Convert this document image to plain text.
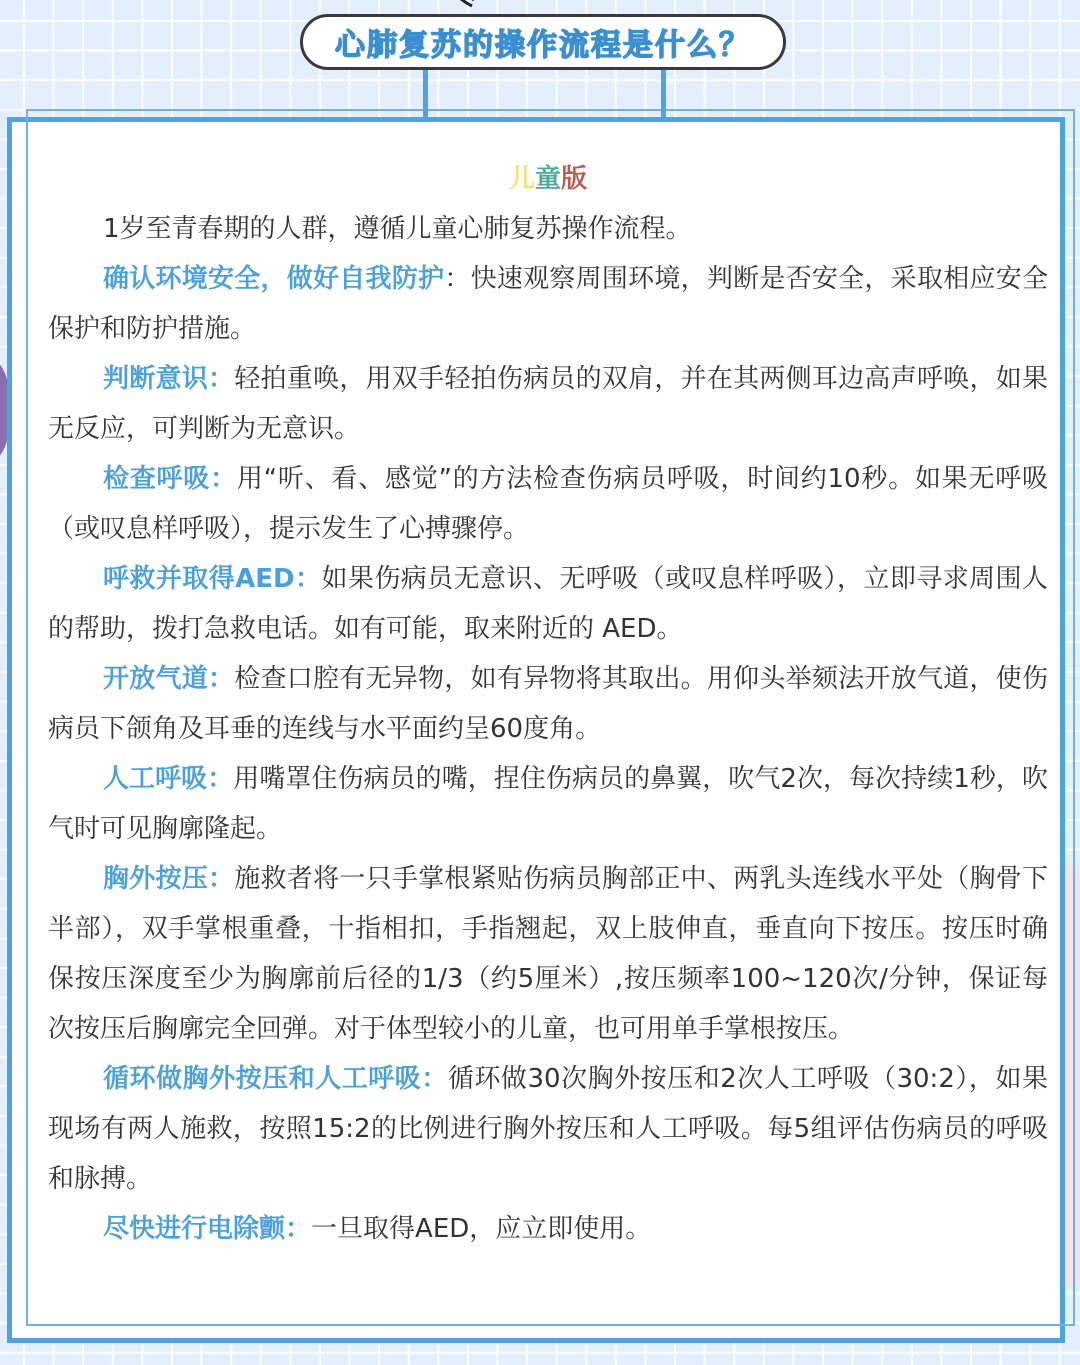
心肺复苏的操作流程是什么？
儿童版

1岁至青春期的人群，遵循儿童心肺复苏操作流程。

确认环境安全，做好自我防护：快速观察周围环境，判断是否安全，采取相应安全保护和防护措施。

判断意识：轻拍重唤，用双手轻拍伤病员的双肩，并在其两侧耳边高声呼唤，如果无反应，可判断为无意识。

检查呼吸：用“听、看、感觉”的方法检查伤病员呼吸，时间约10秒。如果无呼吸（或叹息样呼吸），提示发生了心搏骤停。

呼救并取得AED：如果伤病员无意识、无呼吸（或叹息样呼吸），立即寻求周围人的帮助，拨打急救电话。如有可能，取来附近的 AED。

开放气道：检查口腔有无异物，如有异物将其取出。用仰头举颏法开放气道，使伤病员下颌角及耳垂的连线与水平面约呈60度角。

人工呼吸：用嘴罩住伤病员的嘴，捏住伤病员的鼻翼，吹气2次，每次持续1秒，吹气时可见胸廓隆起。

胸外按压：施救者将一只手掌根紧贴伤病员胸部正中、两乳头连线水平处（胸骨下半部），双手掌根重叠，十指相扣，手指翘起，双上肢伸直，垂直向下按压。按压时确保按压深度至少为胸廓前后径的1/3（约5厘米）,按压频率100~120次/分钟，保证每次按压后胸廓完全回弹。对于体型较小的儿童，也可用单手掌根按压。

循环做胸外按压和人工呼吸：循环做30次胸外按压和2次人工呼吸（30:2），如果现场有两人施救，按照15:2的比例进行胸外按压和人工呼吸。每5组评估伤病员的呼吸和脉搏。

尽快进行电除颤：一旦取得AED，应立即使用。
